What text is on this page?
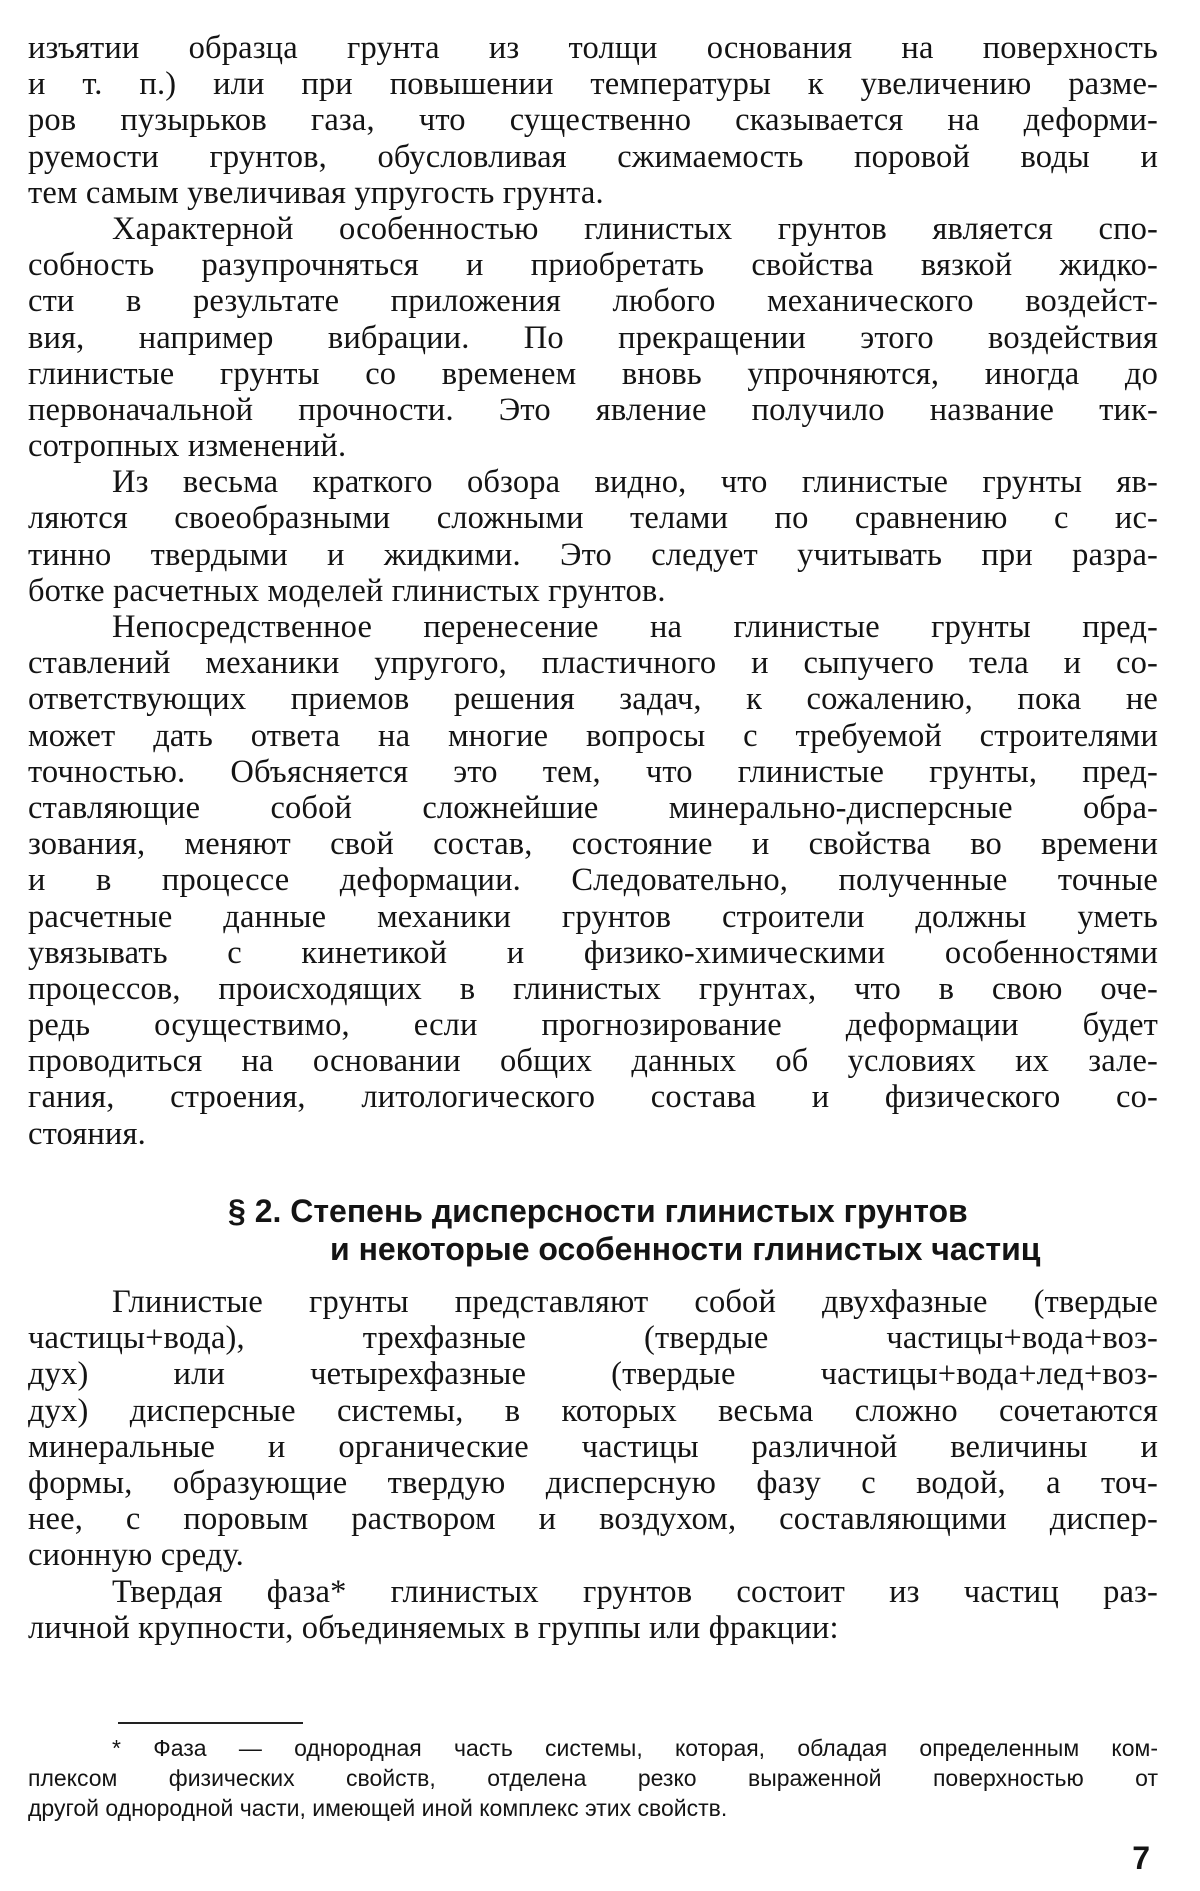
изъятии образца грунта из толщи основания на поверхность
и т. п.) или при повышении температуры к увеличению разме-
ров пузырьков газа, что существенно сказывается на деформи-
руемости грунтов, обусловливая сжимаемость поровой воды и
тем самым увеличивая упругость грунта.
Характерной особенностью глинистых грунтов является спо-
собность разупрочняться и приобретать свойства вязкой жидко-
сти в результате приложения любого механического воздейст-
вия, например вибрации. По прекращении этого воздействия
глинистые грунты со временем вновь упрочняются, иногда до
первоначальной прочности. Это явление получило название тик-
сотропных изменений.
Из весьма краткого обзора видно, что глинистые грунты яв-
ляются своеобразными сложными телами по сравнению с ис-
тинно твердыми и жидкими. Это следует учитывать при разра-
ботке расчетных моделей глинистых грунтов.
Непосредственное перенесение на глинистые грунты пред-
ставлений механики упругого, пластичного и сыпучего тела и со-
ответствующих приемов решения задач, к сожалению, пока не
может дать ответа на многие вопросы с требуемой строителями
точностью. Объясняется это тем, что глинистые грунты, пред-
ставляющие собой сложнейшие минерально-дисперсные обра-
зования, меняют свой состав, состояние и свойства во времени
и в процессе деформации. Следовательно, полученные точные
расчетные данные механики грунтов строители должны уметь
увязывать с кинетикой и физико-химическими особенностями
процессов, происходящих в глинистых грунтах, что в свою оче-
редь осуществимо, если прогнозирование деформации будет
проводиться на основании общих данных об условиях их зале-
гания, строения, литологического состава и физического со-
стояния.
§ 2. Степень дисперсности глинистых грунтов
и некоторые особенности глинистых частиц
Глинистые грунты представляют собой двухфазные (твердые
частицы+вода), трехфазные (твердые частицы+вода+воз-
дух) или четырехфазные (твердые частицы+вода+лед+воз-
дух) дисперсные системы, в которых весьма сложно сочетаются
минеральные и органические частицы различной величины и
формы, образующие твердую дисперсную фазу с водой, а точ-
нее, с поровым раствором и воздухом, составляющими диспер-
сионную среду.
Твердая фаза* глинистых грунтов состоит из частиц раз-
личной крупности, объединяемых в группы или фракции:
* Фаза — однородная часть системы, которая, обладая определенным ком-
плексом физических свойств, отделена резко выраженной поверхностью от
другой однородной части, имеющей иной комплекс этих свойств.
7
